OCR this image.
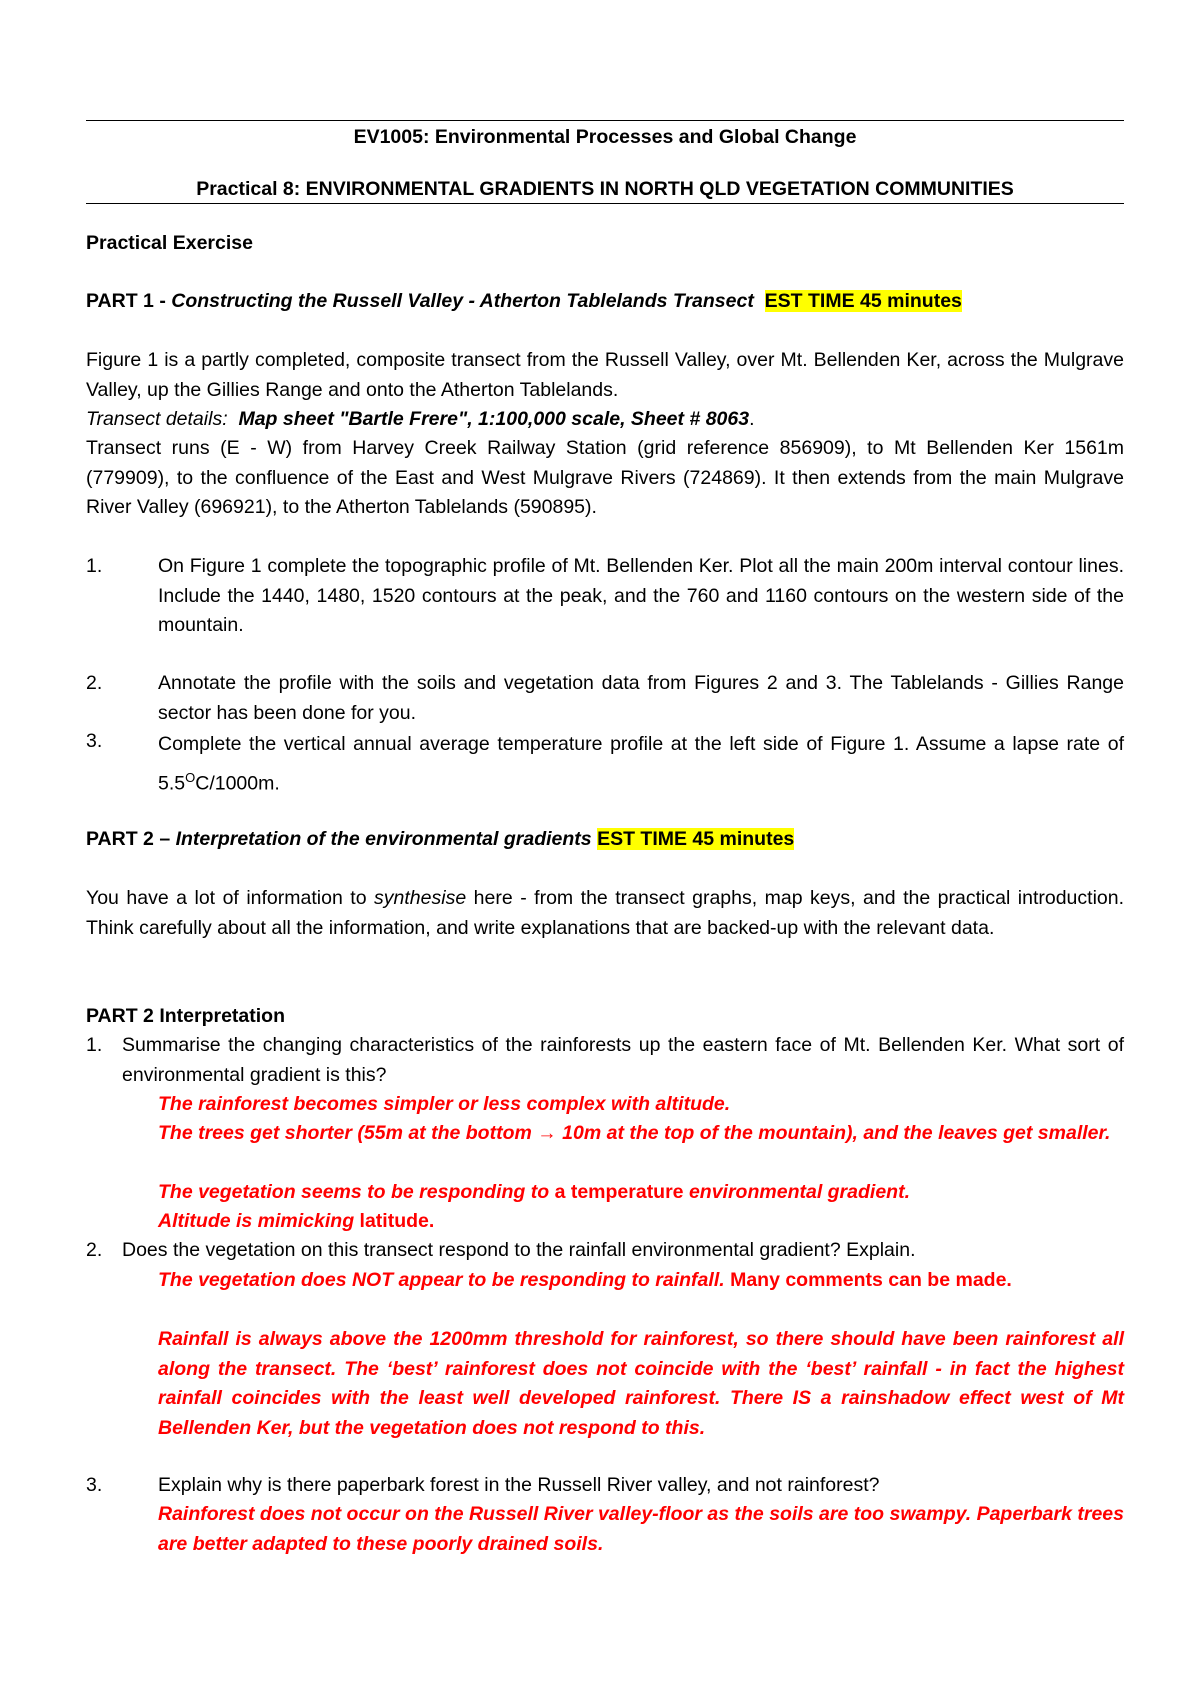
EV1005: Environmental Processes and Global Change
Practical 8: ENVIRONMENTAL GRADIENTS IN NORTH QLD VEGETATION COMMUNITIES
Practical Exercise
PART 1 - Constructing the Russell Valley - Atherton Tablelands Transect EST TIME 45 minutes
Figure 1 is a partly completed, composite transect from the Russell Valley, over Mt. Bellenden Ker, across the Mulgrave Valley, up the Gillies Range and onto the Atherton Tablelands.
Transect details: Map sheet "Bartle Frere", 1:100,000 scale, Sheet # 8063.
Transect runs (E - W) from Harvey Creek Railway Station (grid reference 856909), to Mt Bellenden Ker 1561m (779909), to the confluence of the East and West Mulgrave Rivers (724869). It then extends from the main Mulgrave River Valley (696921), to the Atherton Tablelands (590895).
1.	On Figure 1 complete the topographic profile of Mt. Bellenden Ker. Plot all the main 200m interval contour lines. Include the 1440, 1480, 1520 contours at the peak, and the 760 and 1160 contours on the western side of the mountain.
2.	Annotate the profile with the soils and vegetation data from Figures 2 and 3. The Tablelands - Gillies Range sector has been done for you.
3.	Complete the vertical annual average temperature profile at the left side of Figure 1. Assume a lapse rate of $5.5^OC/1000m$.
PART 2 – Interpretation of the environmental gradients EST TIME 45 minutes
You have a lot of information to synthesise here - from the transect graphs, map keys, and the practical introduction. Think carefully about all the information, and write explanations that are backed-up with the relevant data.
PART 2 Interpretation
1. Summarise the changing characteristics of the rainforests up the eastern face of Mt. Bellenden Ker. What sort of environmental gradient is this?
The rainforest becomes simpler or less complex with altitude.
The trees get shorter (55m at the bottom → 10m at the top of the mountain), and the leaves get smaller.
The vegetation seems to be responding to a temperature environmental gradient.
Altitude is mimicking latitude.
2. Does the vegetation on this transect respond to the rainfall environmental gradient? Explain.
The vegetation does NOT appear to be responding to rainfall. Many comments can be made.
Rainfall is always above the 1200mm threshold for rainforest, so there should have been rainforest all along the transect. The ‘best’ rainforest does not coincide with the ‘best’ rainfall - in fact the highest rainfall coincides with the least well developed rainforest. There IS a rainshadow effect west of Mt Bellenden Ker, but the vegetation does not respond to this.
3.	Explain why is there paperbark forest in the Russell River valley, and not rainforest?
Rainforest does not occur on the Russell River valley-floor as the soils are too swampy. Paperbark trees are better adapted to these poorly drained soils.
